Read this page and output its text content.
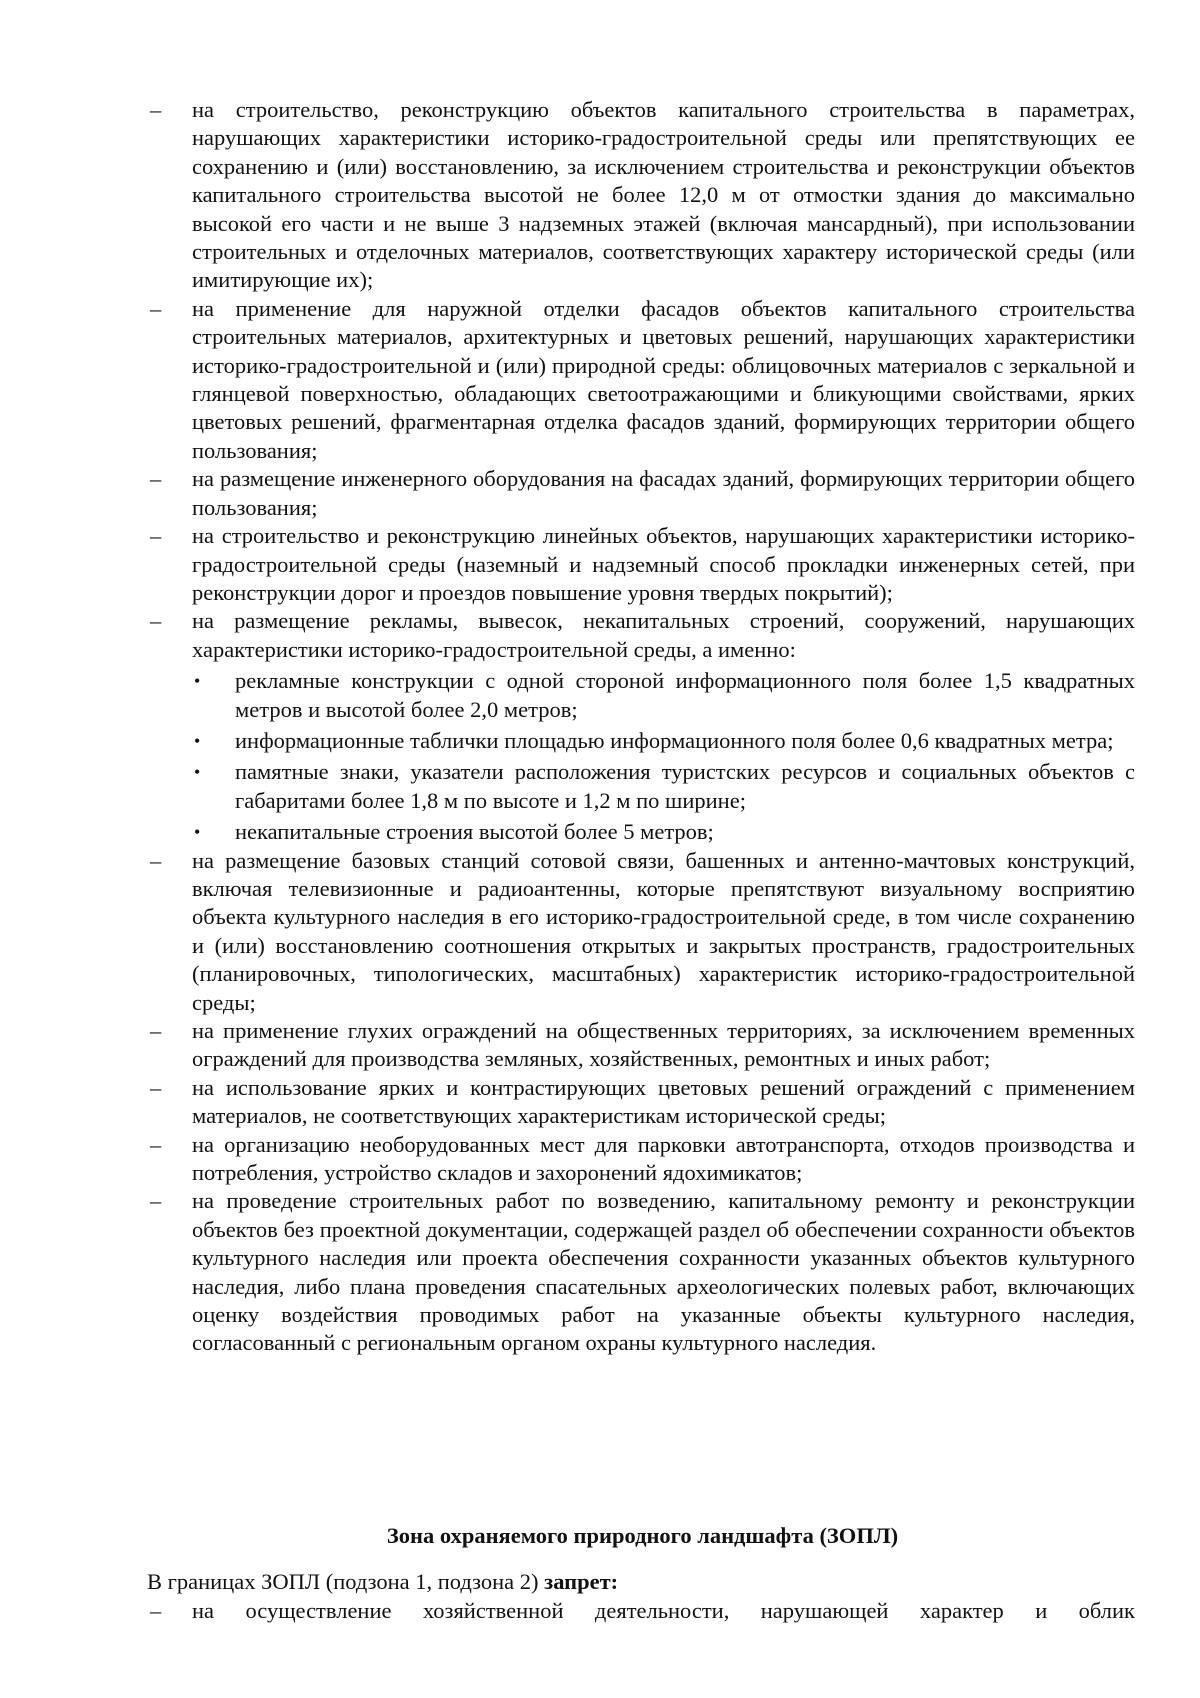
–	на строительство, реконструкцию объектов капитального строительства в параметрах, нарушающих характеристики историко-градостроительной среды или препятствующих ее сохранению и (или) восстановлению, за исключением строительства и реконструкции объектов капитального строительства высотой не более 12,0 м от отмостки здания до максимально высокой его части и не выше 3 надземных этажей (включая мансардный), при использовании строительных и отделочных материалов, соответствующих характеру исторической среды (или имитирующие их);
–	на применение для наружной отделки фасадов объектов капитального строительства строительных материалов, архитектурных и цветовых решений, нарушающих характеристики историко-градостроительной и (или) природной среды: облицовочных материалов с зеркальной и глянцевой поверхностью, обладающих светоотражающими и бликующими свойствами, ярких цветовых решений, фрагментарная отделка фасадов зданий, формирующих территории общего пользования;
–	на размещение инженерного оборудования на фасадах зданий, формирующих территории общего пользования;
–	на строительство и реконструкцию линейных объектов, нарушающих характеристики историко-градостроительной среды (наземный и надземный способ прокладки инженерных сетей, при реконструкции дорог и проездов повышение уровня твердых покрытий);
–	на размещение рекламы, вывесок, некапитальных строений, сооружений, нарушающих характеристики историко-градостроительной среды, а именно:
•	рекламные конструкции с одной стороной информационного поля более 1,5 квадратных метров и высотой более 2,0 метров;
•	информационные таблички площадью информационного поля более 0,6 квадратных метра;
•	памятные знаки, указатели расположения туристских ресурсов и социальных объектов с габаритами более 1,8 м по высоте и 1,2 м по ширине;
•	некапитальные строения высотой более 5 метров;
–	на размещение базовых станций сотовой связи, башенных и антенно-мачтовых конструкций, включая телевизионные и радиоантенны, которые препятствуют визуальному восприятию объекта культурного наследия в его историко-градостроительной среде, в том числе сохранению и (или) восстановлению соотношения открытых и закрытых пространств, градостроительных (планировочных, типологических, масштабных) характеристик историко-градостроительной среды;
–	на применение глухих ограждений на общественных территориях, за исключением временных ограждений для производства земляных, хозяйственных, ремонтных и иных работ;
–	на использование ярких и контрастирующих цветовых решений ограждений с применением материалов, не соответствующих характеристикам исторической среды;
–	на организацию необорудованных мест для парковки автотранспорта, отходов производства и потребления, устройство складов и захоронений ядохимикатов;
–	на проведение строительных работ по возведению, капитальному ремонту и реконструкции объектов без проектной документации, содержащей раздел об обеспечении сохранности объектов культурного наследия или проекта обеспечения сохранности указанных объектов культурного наследия, либо плана проведения спасательных археологических полевых работ, включающих оценку воздействия проводимых работ на указанные объекты культурного наследия, согласованный с региональным органом охраны культурного наследия.
Зона охраняемого природного ландшафта (ЗОПЛ)

В границах ЗОПЛ (подзона 1, подзона 2) запрет:

–	на осуществление хозяйственной деятельности, нарушающей характер и облик
